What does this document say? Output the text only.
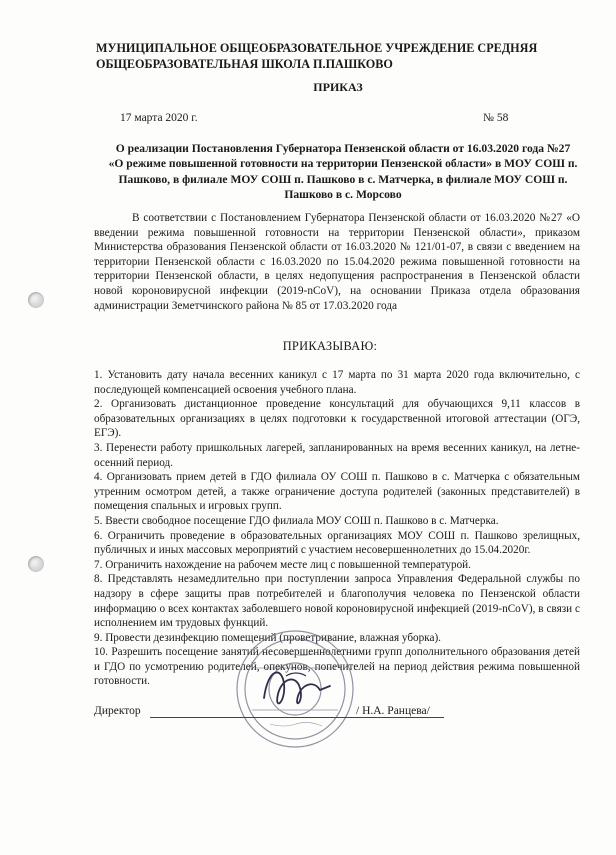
МУНИЦИПАЛЬНОЕ ОБЩЕОБРАЗОВАТЕЛЬНОЕ УЧРЕЖДЕНИЕ СРЕДНЯЯ
ОБЩЕОБРАЗОВАТЕЛЬНАЯ ШКОЛА П.ПАШКОВО
ПРИКАЗ
17 марта 2020 г.	№ 58
О реализации Постановления Губернатора Пензенской области от 16.03.2020 года №27 «О режиме повышенной готовности на территории Пензенской области» в МОУ СОШ п. Пашково, в филиале МОУ СОШ п. Пашково в с. Матчерка, в филиале МОУ СОШ п. Пашково в с. Морсово

В соответствии с Постановлением Губернатора Пензенской области от 16.03.2020 №27 «О введении режима повышенной готовности на территории Пензенской области», приказом Министерства образования Пензенской области от 16.03.2020 № 121/01-07, в связи с введением на территории Пензенской области с 16.03.2020 по 15.04.2020 режима повышенной готовности на территории Пензенской области, в целях недопущения распространения в Пензенской области новой короновирусной инфекции (2019-nCoV), на основании Приказа отдела образования администрации Земетчинского района № 85 от 17.03.2020 года

ПРИКАЗЫВАЮ:

1. Установить дату начала весенних каникул с 17 марта по 31 марта 2020 года включительно, с последующей компенсацией освоения учебного плана.

2. Организовать дистанционное проведение консультаций для обучающихся 9,11 классов в образовательных организациях в целях подготовки к государственной итоговой аттестации (ОГЭ, ЕГЭ).

3. Перенести работу пришкольных лагерей, запланированных на время весенних каникул, на летне-осенний период.

4. Организовать прием детей в ГДО филиала ОУ СОШ п. Пашково в с. Матчерка с обязательным утренним осмотром детей, а также ограничение доступа родителей (законных представителей) в помещения спальных и игровых групп.

5. Ввести свободное посещение ГДО филиала МОУ СОШ п. Пашково в с. Матчерка.

6. Ограничить проведение в образовательных организациях МОУ СОШ п. Пашково зрелищных, публичных и иных массовых мероприятий с участием несовершеннолетних до 15.04.2020г.

7. Ограничить нахождение на рабочем месте лиц с повышенной температурой.

8. Представлять незамедлительно при поступлении запроса Управления Федеральной службы по надзору в сфере защиты прав потребителей и благополучия человека по Пензенской области информацию о всех контактах заболевшего новой короновирусной инфекцией (2019-nCoV), в связи с исполнением им трудовых функций.

9. Провести дезинфекцию помещений (проветривание, влажная уборка).

10. Разрешить посещение занятий несовершеннолетними групп дополнительного образования детей и ГДО по усмотрению родителей, опекунов, попечителей на период действия режима повышенной готовности.

Директор	/ Н.А. Ранцева/
